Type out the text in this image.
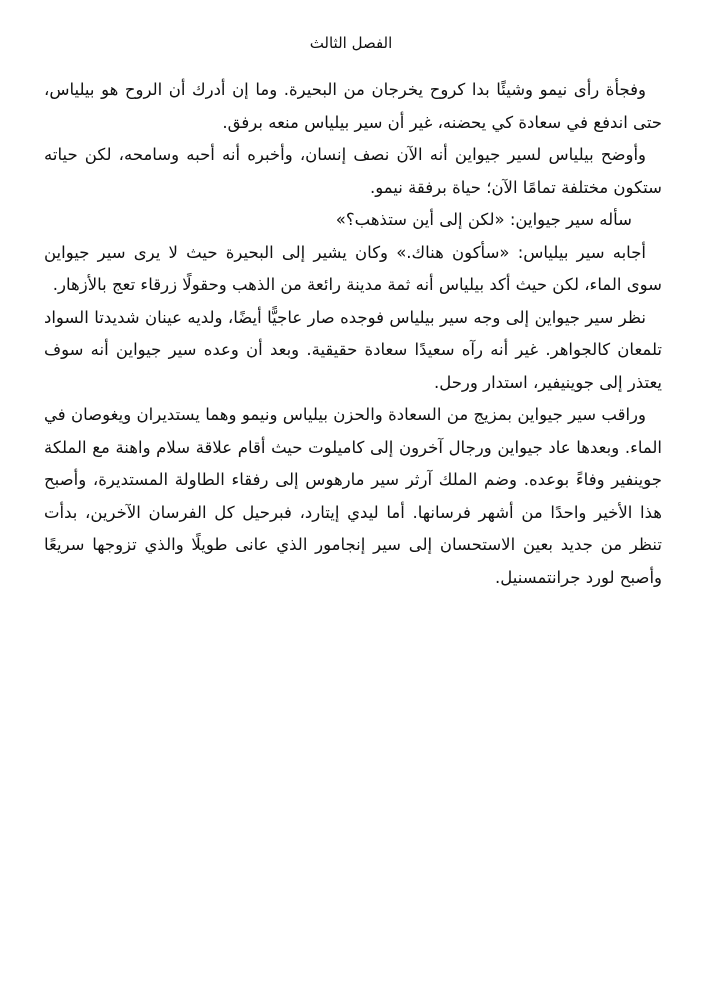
الفصل الثالث

وفجأة رأى نيمو وشيئًا بدا كروح يخرجان من البحيرة. وما إن أدرك أن الروح هو بيلياس، حتى اندفع في سعادة كي يحضنه، غير أن سير بيلياس منعه برفق.

وأوضح بيلياس لسير جيواين أنه الآن نصف إنسان، وأخبره أنه أحبه وسامحه، لكن حياته ستكون مختلفة تمامًا الآن؛ حياة برفقة نيمو.

سأله سير جيواين: «لكن إلى أين ستذهب؟»

أجابه سير بيلياس: «سأكون هناك.» وكان يشير إلى البحيرة حيث لا يرى سير جيواين سوى الماء، لكن حيث أكد بيلياس أنه ثمة مدينة رائعة من الذهب وحقولًا زرقاء تعج بالأزهار.

نظر سير جيواين إلى وجه سير بيلياس فوجده صار عاجيًّا أيضًا، ولديه عينان شديدتا السواد تلمعان كالجواهر. غير أنه رآه سعيدًا سعادة حقيقية. وبعد أن وعده سير جيواين أنه سوف يعتذر إلى جوينيفير، استدار ورحل.

وراقب سير جيواين بمزيج من السعادة والحزن بيلياس ونيمو وهما يستديران ويغوصان في الماء. وبعدها عاد جيواين ورجال آخرون إلى كاميلوت حيث أقام علاقة سلام واهنة مع الملكة جوينفير وفاءً بوعده. وضم الملك آرثر سير مارهوس إلى رفقاء الطاولة المستديرة، وأصبح هذا الأخير واحدًا من أشهر فرسانها. أما ليدي إيتارد، فبرحيل كل الفرسان الآخرين، بدأت تنظر من جديد بعين الاستحسان إلى سير إنجامور الذي عانى طويلًا والذي تزوجها سريعًا وأصبح لورد جرانتمسنيل.
